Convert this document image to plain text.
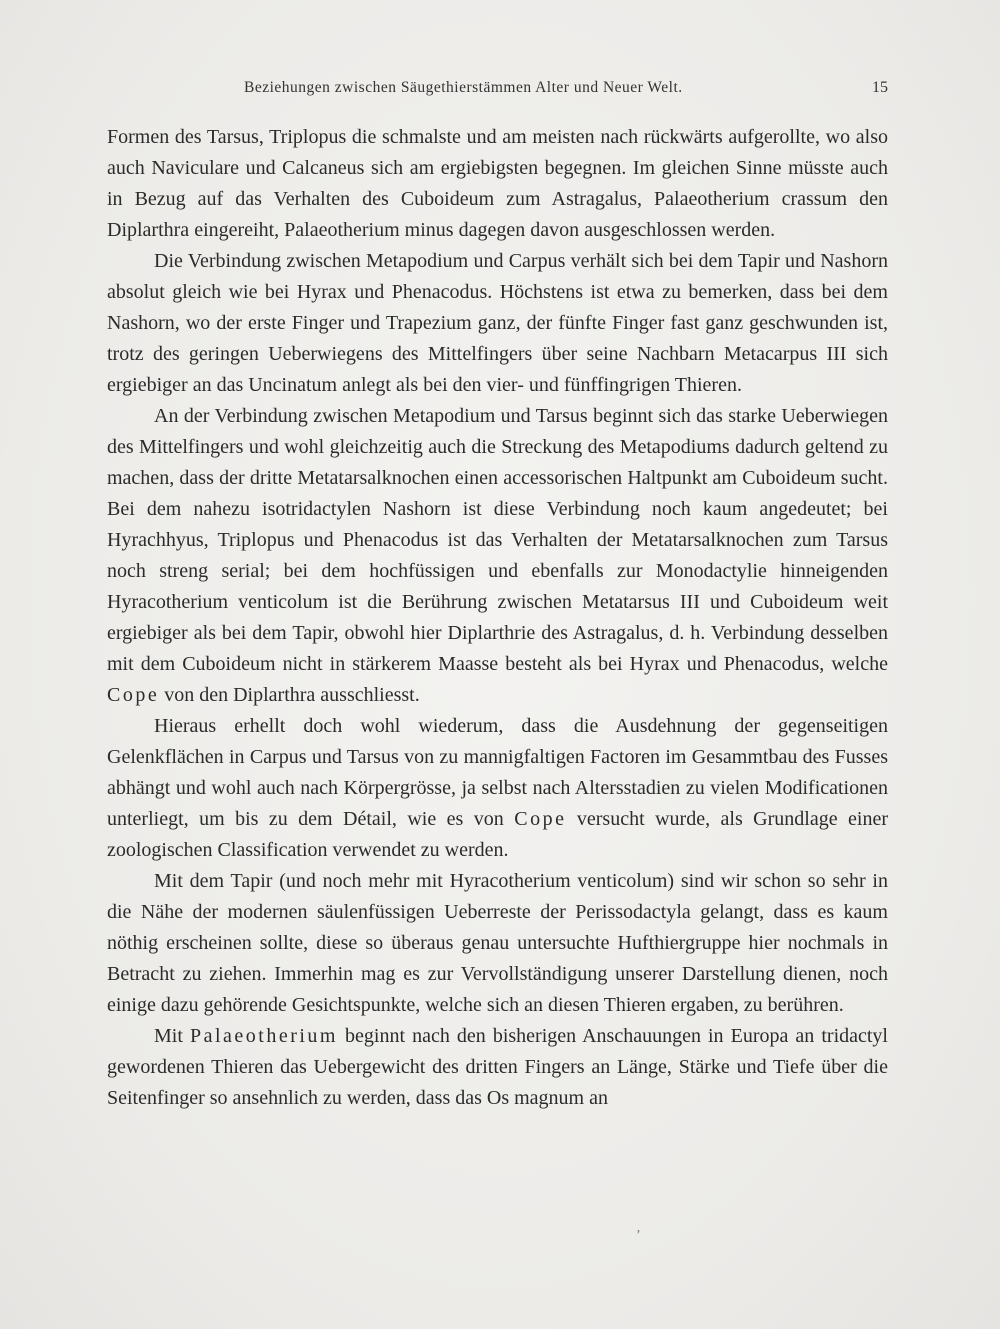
Beziehungen zwischen Säugethierstämmen Alter und Neuer Welt.	15

Formen des Tarsus, Triplopus die schmalste und am meisten nach rückwärts aufgerollte, wo also auch Naviculare und Calcaneus sich am ergiebigsten begegnen. Im gleichen Sinne müsste auch in Bezug auf das Verhalten des Cuboideum zum Astragalus, Palaeotherium crassum den Diplarthra eingereiht, Palaeotherium minus dagegen davon ausgeschlossen werden.

Die Verbindung zwischen Metapodium und Carpus verhält sich bei dem Tapir und Nashorn absolut gleich wie bei Hyrax und Phenacodus. Höchstens ist etwa zu bemerken, dass bei dem Nashorn, wo der erste Finger und Trapezium ganz, der fünfte Finger fast ganz geschwunden ist, trotz des geringen Ueberwiegens des Mittelfingers über seine Nachbarn Metacarpus III sich ergiebiger an das Uncinatum anlegt als bei den vier- und fünffingrigen Thieren.

An der Verbindung zwischen Metapodium und Tarsus beginnt sich das starke Ueberwiegen des Mittelfingers und wohl gleichzeitig auch die Streckung des Metapodiums dadurch geltend zu machen, dass der dritte Metatarsalknochen einen accessorischen Haltpunkt am Cuboideum sucht. Bei dem nahezu isotridactylen Nashorn ist diese Verbindung noch kaum angedeutet; bei Hyrachhyus, Triplopus und Phenacodus ist das Verhalten der Metatarsalknochen zum Tarsus noch streng serial; bei dem hochfüssigen und ebenfalls zur Monodactylie hinneigenden Hyracotherium venticolum ist die Berührung zwischen Metatarsus III und Cuboideum weit ergiebiger als bei dem Tapir, obwohl hier Diplarthrie des Astragalus, d. h. Verbindung desselben mit dem Cuboideum nicht in stärkerem Maasse besteht als bei Hyrax und Phenacodus, welche Cope von den Diplarthra ausschliesst.

Hieraus erhellt doch wohl wiederum, dass die Ausdehnung der gegenseitigen Gelenkflächen in Carpus und Tarsus von zu mannigfaltigen Factoren im Gesammtbau des Fusses abhängt und wohl auch nach Körpergrösse, ja selbst nach Altersstadien zu vielen Modificationen unterliegt, um bis zu dem Détail, wie es von Cope versucht wurde, als Grundlage einer zoologischen Classification verwendet zu werden.

Mit dem Tapir (und noch mehr mit Hyracotherium venticolum) sind wir schon so sehr in die Nähe der modernen säulenfüssigen Ueberreste der Perissodactyla gelangt, dass es kaum nöthig erscheinen sollte, diese so überaus genau untersuchte Hufthiergruppe hier nochmals in Betracht zu ziehen. Immerhin mag es zur Vervollständigung unserer Darstellung dienen, noch einige dazu gehörende Gesichtspunkte, welche sich an diesen Thieren ergaben, zu berühren.

Mit Palaeotherium beginnt nach den bisherigen Anschauungen in Europa an tridactyl gewordenen Thieren das Uebergewicht des dritten Fingers an Länge, Stärke und Tiefe über die Seitenfinger so ansehnlich zu werden, dass das Os magnum an

ʼ
